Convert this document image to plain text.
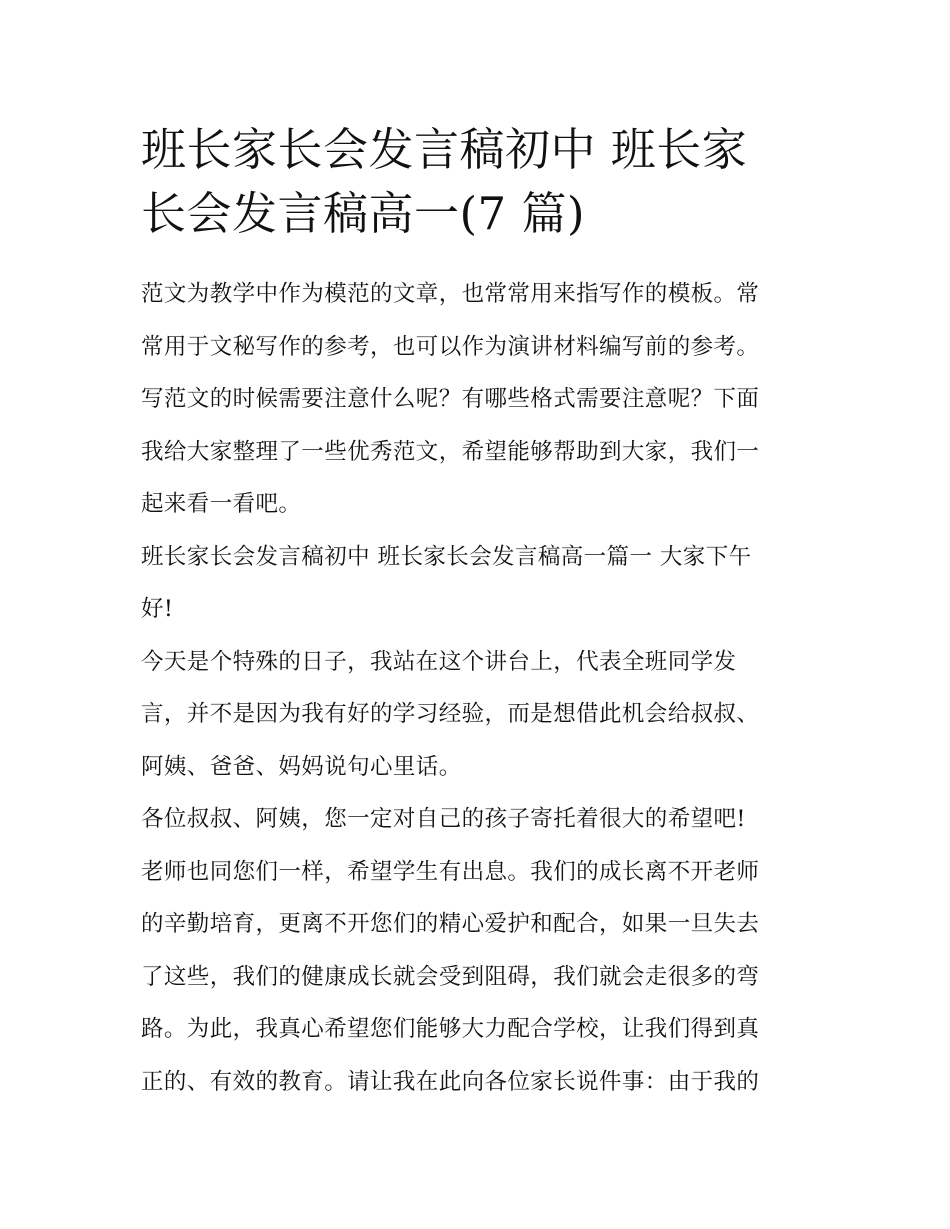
班长家长会发言稿初中 班长家
长会发言稿高一(7 篇)
范文为教学中作为模范的文章，也常常用来指写作的模板。常
常用于文秘写作的参考，也可以作为演讲材料编写前的参考。
写范文的时候需要注意什么呢？有哪些格式需要注意呢？下面
我给大家整理了一些优秀范文，希望能够帮助到大家，我们一
起来看一看吧。
班长家长会发言稿初中 班长家长会发言稿高一篇一 大家下午
好!
今天是个特殊的日子，我站在这个讲台上，代表全班同学发
言，并不是因为我有好的学习经验，而是想借此机会给叔叔、
阿姨、爸爸、妈妈说句心里话。
各位叔叔、阿姨，您一定对自己的孩子寄托着很大的希望吧!
老师也同您们一样，希望学生有出息。我们的成长离不开老师
的辛勤培育，更离不开您们的精心爱护和配合，如果一旦失去
了这些，我们的健康成长就会受到阻碍，我们就会走很多的弯
路。为此，我真心希望您们能够大力配合学校，让我们得到真
正的、有效的教育。请让我在此向各位家长说件事：由于我的
